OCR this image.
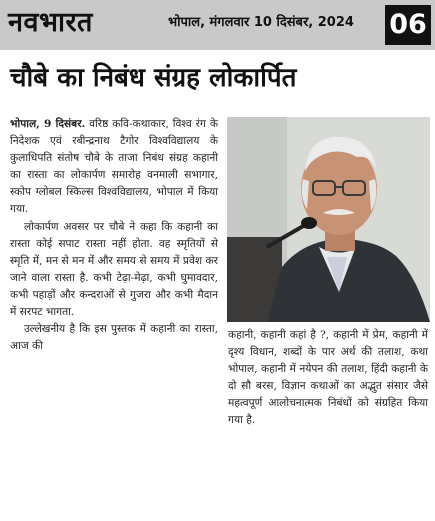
नवभारत	भोपाल, मंगलवार 10 दिसंबर, 2024 06
चौबे का निबंध संग्रह लोकार्पित

भोपाल, 9 दिसंबर. वरिष्ठ कवि-कथाकार, विश्व रंग के निदेशक एवं रबीन्द्रनाथ टैगोर विश्वविद्यालय के कुलाधिपति संतोष चौबे के ताजा निबंध संग्रह कहानी का रास्ता का लोकार्पण समारोह वनमाली सभागार, स्कोप ग्लोबल स्किल्स विश्वविद्यालय, भोपाल में किया गया.

लोकार्पण अवसर पर चौबे ने कहा कि कहानी का रास्ता कोई सपाट रास्ता नहीं होता. वह स्मृतियों से स्मृति में, मन से मन में और समय से समय में प्रवेश कर जाने वाला रास्ता है. कभी टेढ़ा-मेढ़ा, कभी घुमावदार, कभी पहाड़ों और कन्दराओं से गुजरा और कभी मैदान में सरपट भागता.

उल्लेखनीय है कि इस पुस्तक में कहानी का रास्ता, आज की

कहानी, कहानी कहां है ?, कहानी में प्रेम, कहानी में दृश्य विधान, शब्दों के पार अर्थ की तलाश, कथा भोपाल, कहानी में नयेपन की तलाश, हिंदी कहानी के दो सौ बरस, विज्ञान कथाओं का अद्भुत संसार जैसे महत्वपूर्ण आलोचनात्मक निबंधों को संग्रहित किया गया है.
